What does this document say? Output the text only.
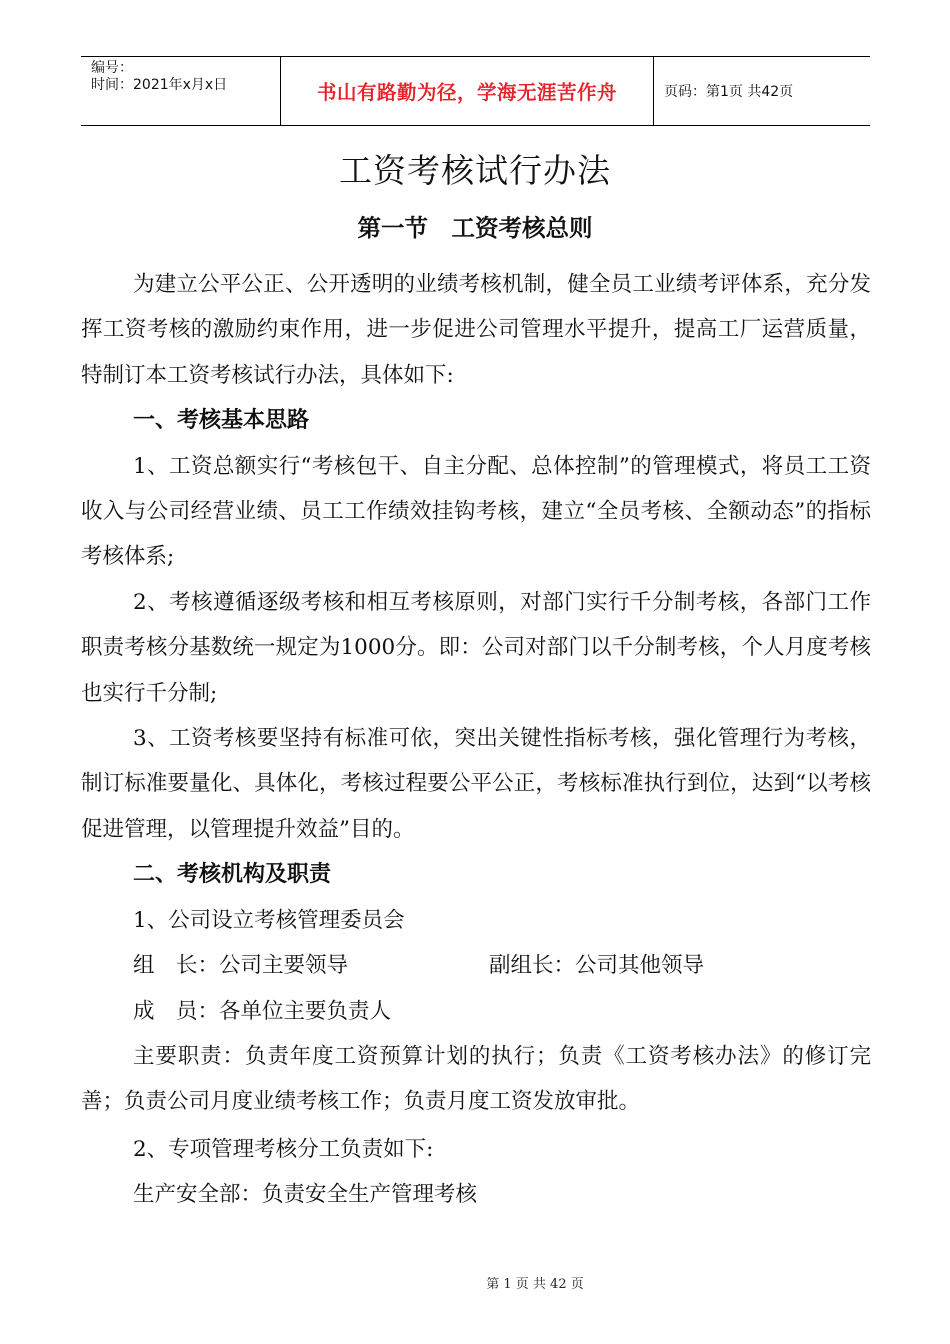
编号：
时间：2021年x月x日	书山有路勤为径，学海无涯苦作舟	页码：第1页 共42页
工资考核试行办法
第一节　工资考核总则

为建立公平公正、公开透明的业绩考核机制，健全员工业绩考评体系，充分发挥工资考核的激励约束作用，进一步促进公司管理水平提升，提高工厂运营质量，特制订本工资考核试行办法，具体如下:

一、考核基本思路

1、工资总额实行“考核包干、自主分配、总体控制”的管理模式，将员工工资收入与公司经营业绩、员工工作绩效挂钩考核，建立“全员考核、全额动态”的指标考核体系;

2、考核遵循逐级考核和相互考核原则，对部门实行千分制考核，各部门工作职责考核分基数统一规定为1000分。即：公司对部门以千分制考核，个人月度考核也实行千分制;

3、工资考核要坚持有标准可依，突出关键性指标考核，强化管理行为考核，制订标准要量化、具体化，考核过程要公平公正，考核标准执行到位，达到“以考核促进管理，以管理提升效益”目的。

二、考核机构及职责

1、公司设立考核管理委员会

组　长：公司主要领导	副组长：公司其他领导

成　员：各单位主要负责人

主要职责：负责年度工资预算计划的执行；负责《工资考核办法》的修订完善；负责公司月度业绩考核工作；负责月度工资发放审批。

2、专项管理考核分工负责如下:

生产安全部：负责安全生产管理考核

第 1 页 共 42 页
